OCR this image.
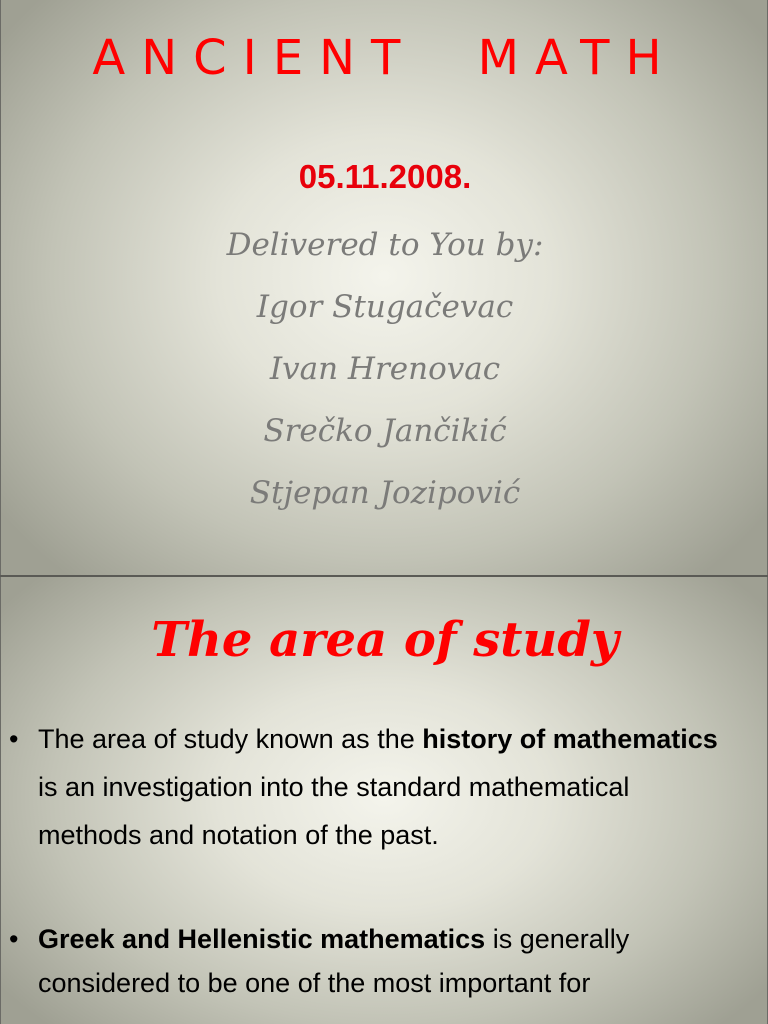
ANCIENT MATH
05.11.2008.
Delivered to You by:
Igor Stugačevac
Ivan Hrenovac
Srečko Jančikić
Stjepan Jozipović
The area of study
• The area of study known as the history of mathematics is an investigation into the standard mathematical methods and notation of the past.
• Greek and Hellenistic mathematics is generally considered to be one of the most important for
